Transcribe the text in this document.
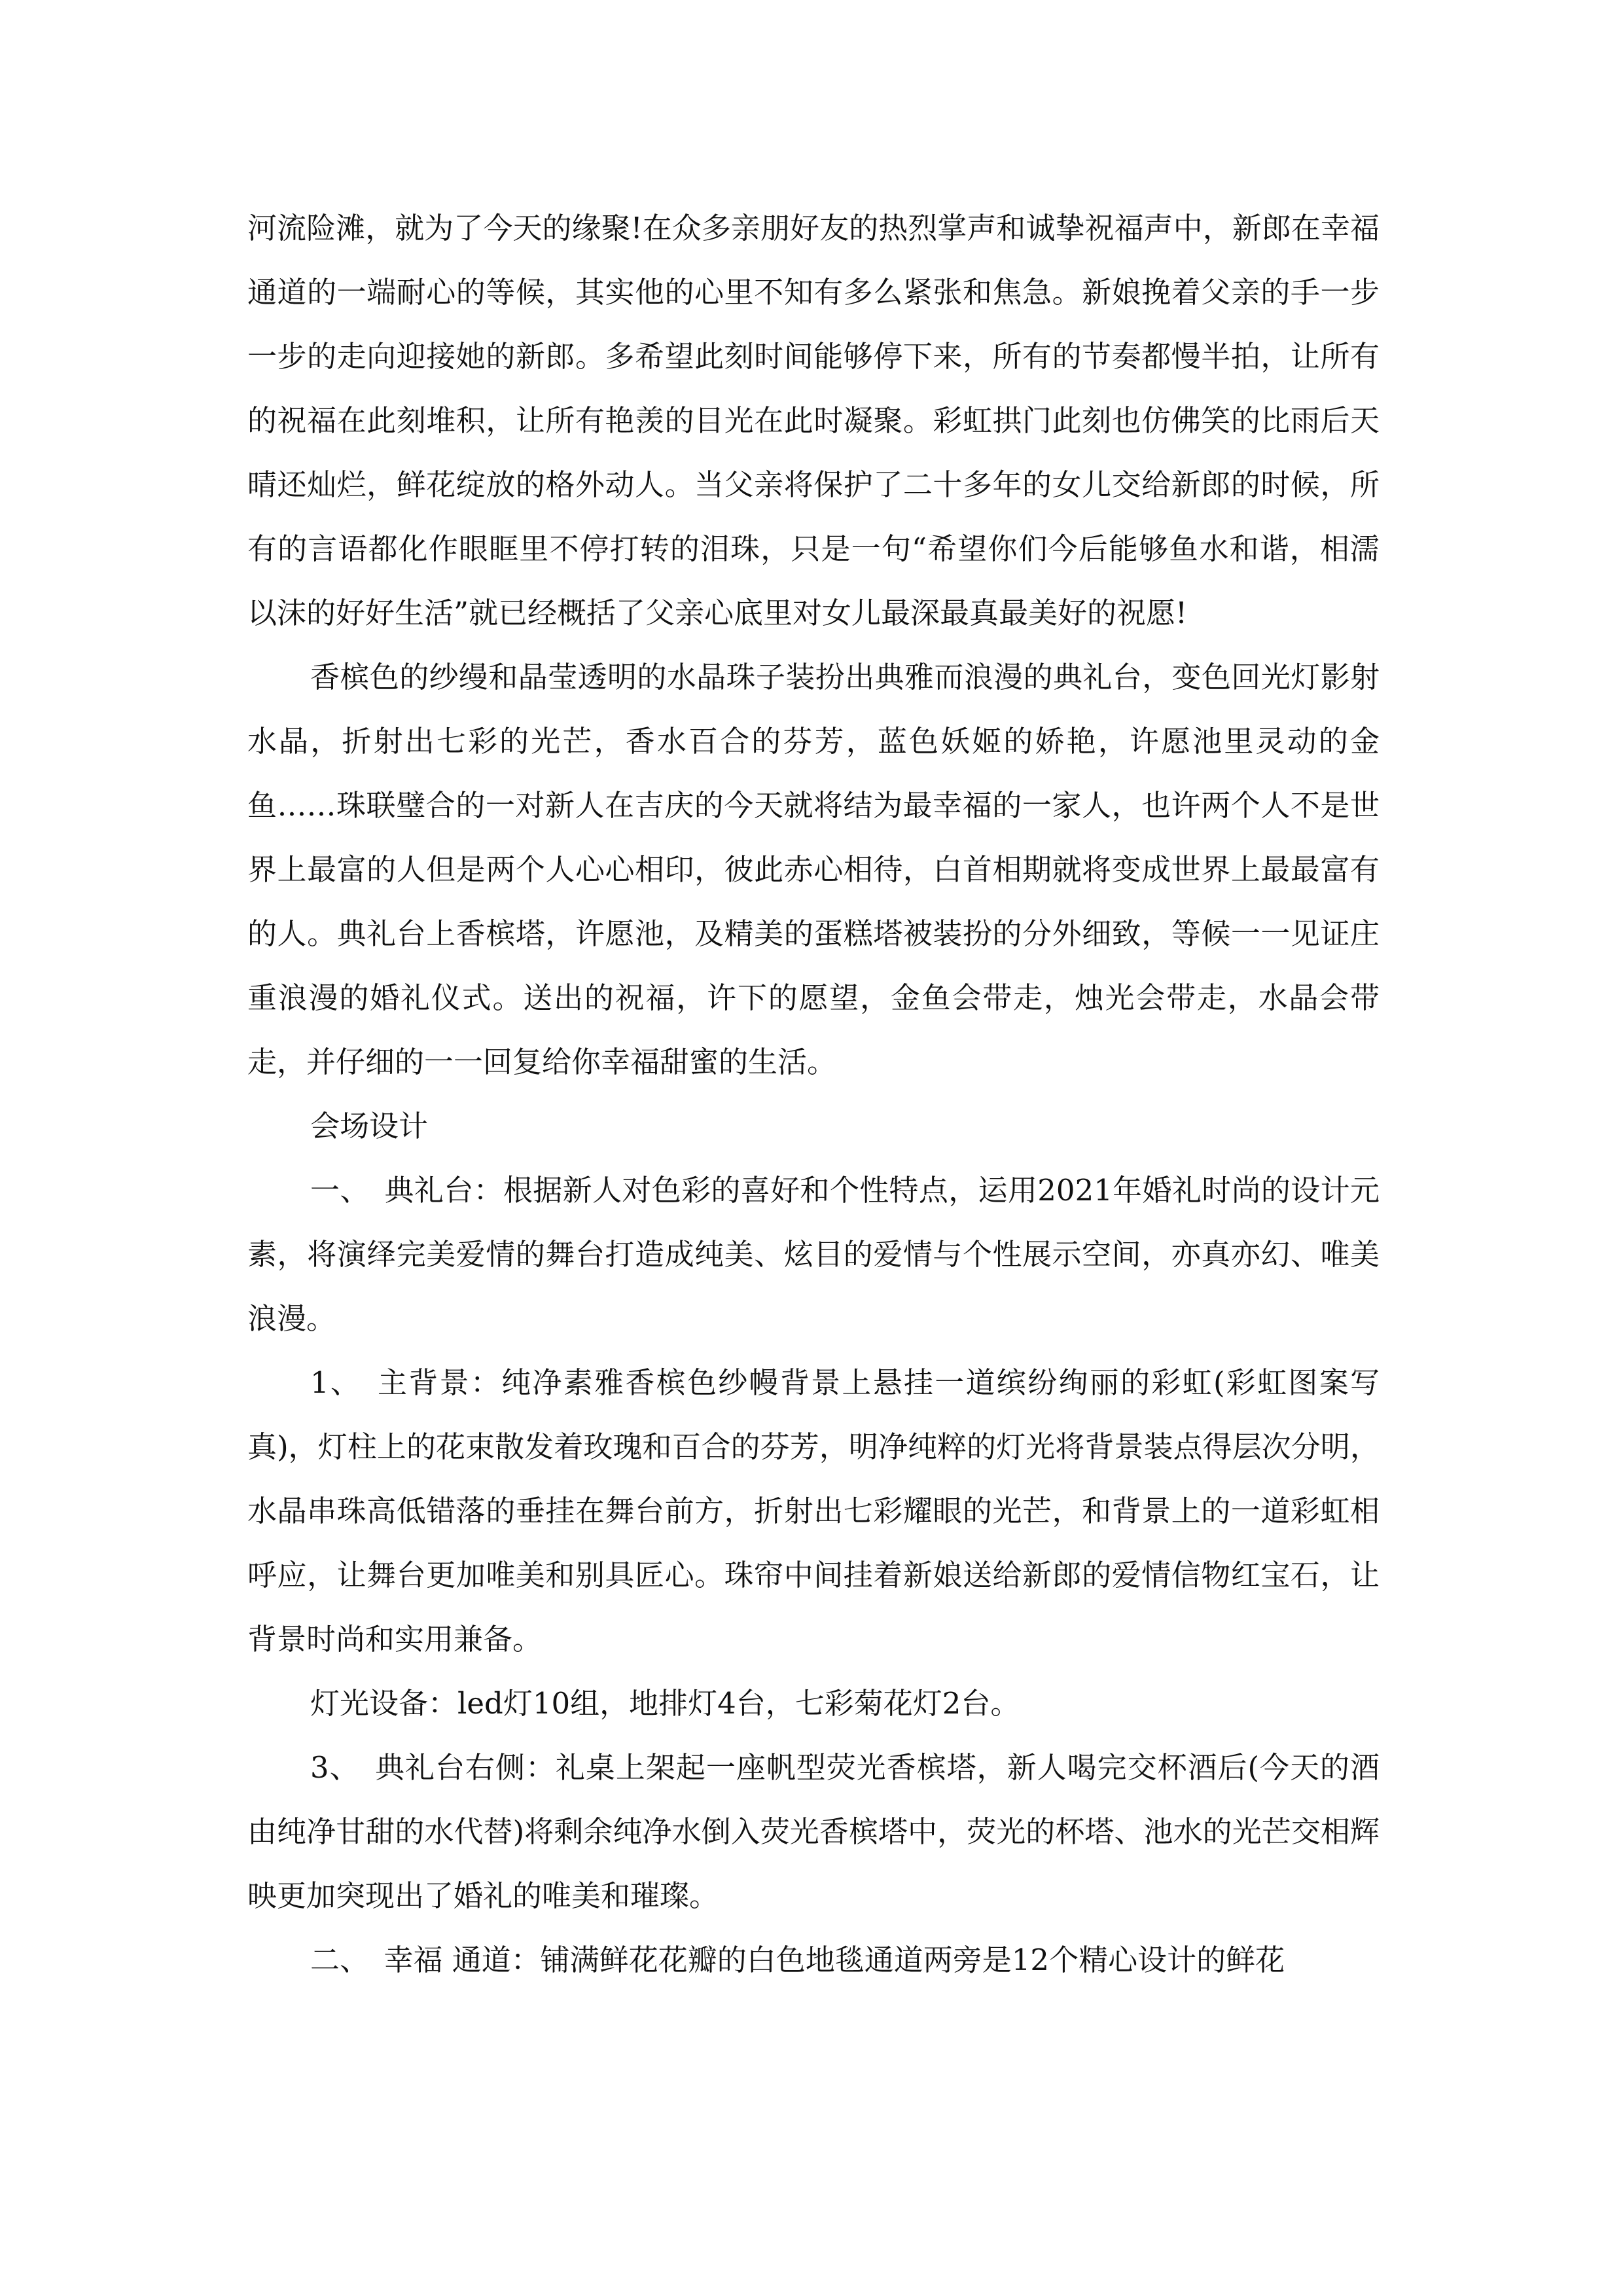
河流险滩，就为了今天的缘聚!在众多亲朋好友的热烈掌声和诚挚祝福声中，新郎在幸福通道的一端耐心的等候，其实他的心里不知有多么紧张和焦急。新娘挽着父亲的手一步一步的走向迎接她的新郎。多希望此刻时间能够停下来，所有的节奏都慢半拍，让所有的祝福在此刻堆积，让所有艳羡的目光在此时凝聚。彩虹拱门此刻也仿佛笑的比雨后天晴还灿烂，鲜花绽放的格外动人。当父亲将保护了二十多年的女儿交给新郎的时候，所有的言语都化作眼眶里不停打转的泪珠，只是一句“希望你们今后能够鱼水和谐，相濡以沫的好好生活”就已经概括了父亲心底里对女儿最深最真最美好的祝愿!

香槟色的纱缦和晶莹透明的水晶珠子装扮出典雅而浪漫的典礼台，变色回光灯影射水晶，折射出七彩的光芒，香水百合的芬芳，蓝色妖姬的娇艳，许愿池里灵动的金鱼……珠联璧合的一对新人在吉庆的今天就将结为最幸福的一家人，也许两个人不是世界上最富的人但是两个人心心相印，彼此赤心相待，白首相期就将变成世界上最最富有的人。典礼台上香槟塔，许愿池，及精美的蛋糕塔被装扮的分外细致，等候一一见证庄重浪漫的婚礼仪式。送出的祝福，许下的愿望，金鱼会带走，烛光会带走，水晶会带走，并仔细的一一回复给你幸福甜蜜的生活。

会场设计

一、　典礼台：根据新人对色彩的喜好和个性特点，运用2021年婚礼时尚的设计元素，将演绎完美爱情的舞台打造成纯美、炫目的爱情与个性展示空间，亦真亦幻、唯美浪漫。

1、　主背景：纯净素雅香槟色纱幔背景上悬挂一道缤纷绚丽的彩虹(彩虹图案写真)，灯柱上的花束散发着玫瑰和百合的芬芳，明净纯粹的灯光将背景装点得层次分明，水晶串珠高低错落的垂挂在舞台前方，折射出七彩耀眼的光芒，和背景上的一道彩虹相呼应，让舞台更加唯美和别具匠心。珠帘中间挂着新娘送给新郎的爱情信物红宝石，让背景时尚和实用兼备。

灯光设备：led灯10组，地排灯4台，七彩菊花灯2台。

3、　典礼台右侧：礼桌上架起一座帆型荧光香槟塔，新人喝完交杯酒后(今天的酒由纯净甘甜的水代替)将剩余纯净水倒入荧光香槟塔中，荧光的杯塔、池水的光芒交相辉映更加突现出了婚礼的唯美和璀璨。

二、　幸福 通道：铺满鲜花花瓣的白色地毯通道两旁是12个精心设计的鲜花
